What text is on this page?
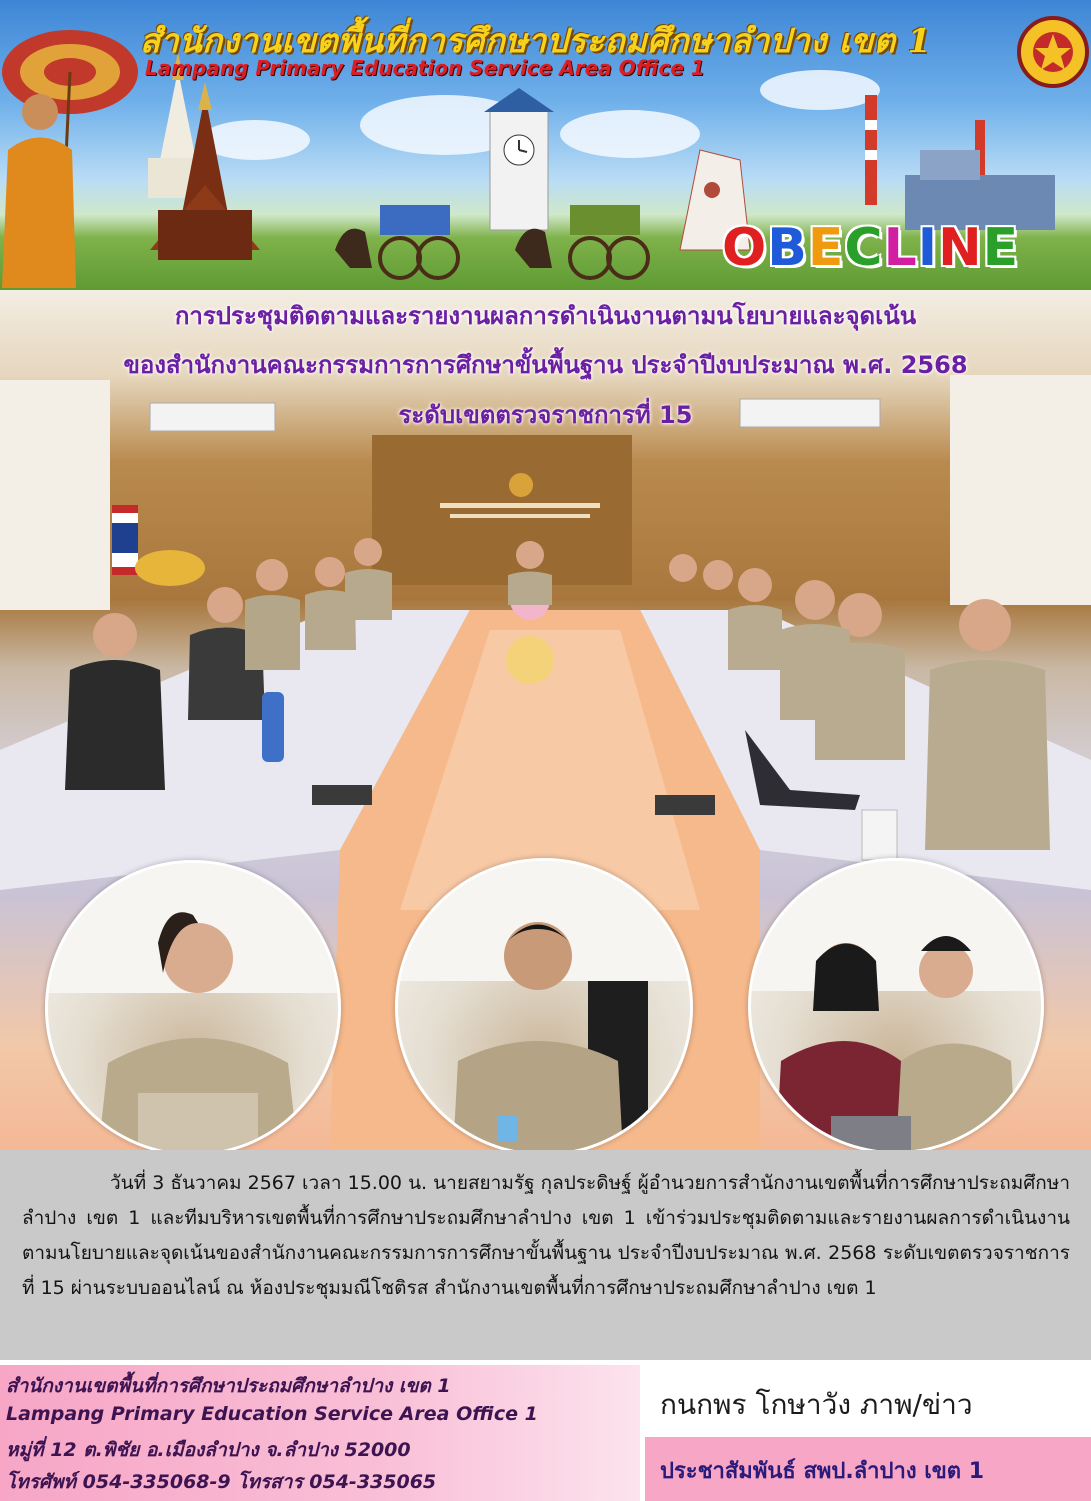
สำนักงานเขตพื้นที่การศึกษาประถมศึกษาลำปาง เขต 1
Lampang Primary Education Service Area Office 1
OBECLINE
การประชุมติดตามและรายงานผลการดำเนินงานตามนโยบายและจุดเน้น
ของสำนักงานคณะกรรมการการศึกษาขั้นพื้นฐาน ประจำปีงบประมาณ พ.ศ. 2568
ระดับเขตตรวจราชการที่ 15

วันที่ 3 ธันวาคม 2567 เวลา 15.00 น. นายสยามรัฐ กุลประดิษฐ์ ผู้อำนวยการสำนักงานเขตพื้นที่การศึกษาประถมศึกษาลำปาง เขต 1 และทีมบริหารเขตพื้นที่การศึกษาประถมศึกษาลำปาง เขต 1 เข้าร่วมประชุมติดตามและรายงานผลการดำเนินงานตามนโยบายและจุดเน้นของสำนักงานคณะกรรมการการศึกษาขั้นพื้นฐาน ประจำปีงบประมาณ พ.ศ. 2568 ระดับเขตตรวจราชการที่ 15 ผ่านระบบออนไลน์ ณ ห้องประชุมมณีโชติรส สำนักงานเขตพื้นที่การศึกษาประถมศึกษาลำปาง เขต 1

สำนักงานเขตพื้นที่การศึกษาประถมศึกษาลำปาง เขต 1
Lampang Primary Education Service Area Office 1
หมู่ที่ 12 ต.พิชัย อ.เมืองลำปาง จ.ลำปาง 52000
โทรศัพท์ 054-335068-9 โทรสาร 054-335065
กนกพร โกษาวัง ภาพ/ข่าว
ประชาสัมพันธ์ สพป.ลำปาง เขต 1
